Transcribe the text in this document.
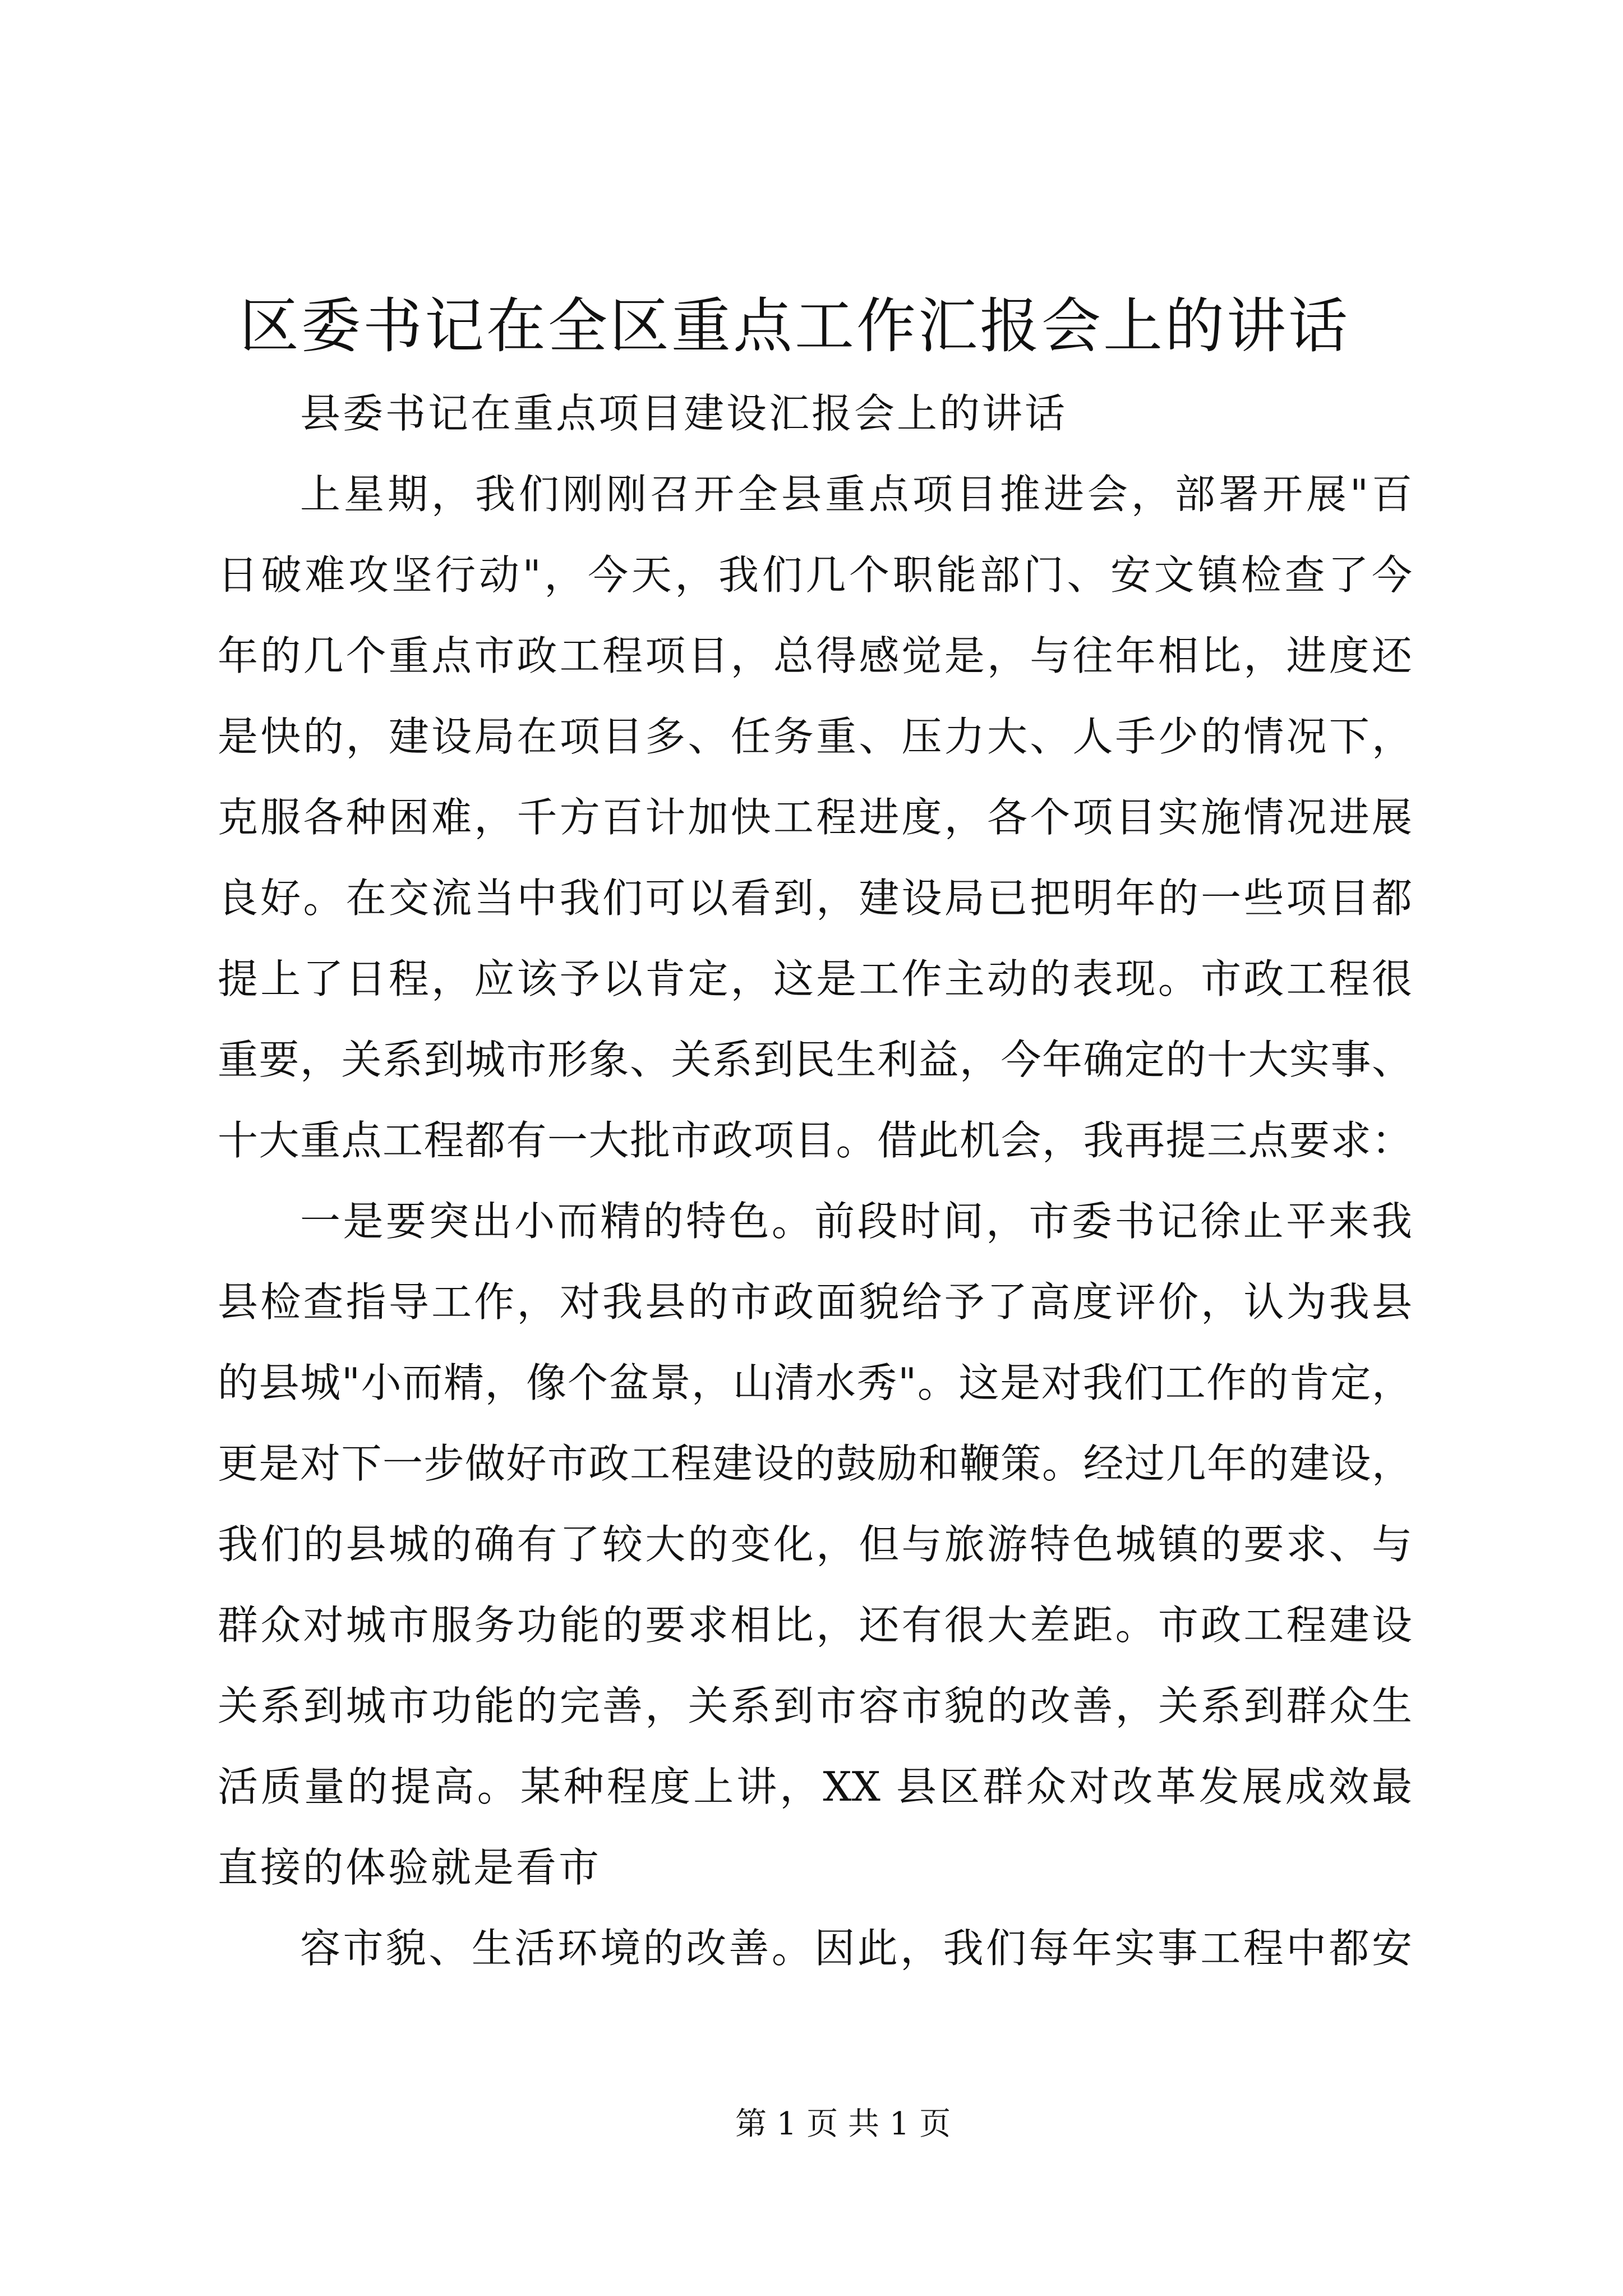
区委书记在全区重点工作汇报会上的讲话
县委书记在重点项目建设汇报会上的讲话
上星期，我们刚刚召开全县重点项目推进会，部署开展"百
日破难攻坚行动"，今天，我们几个职能部门、安文镇检查了今
年的几个重点市政工程项目，总得感觉是，与往年相比，进度还
是快的，建设局在项目多、任务重、压力大、人手少的情况下，
克服各种困难，千方百计加快工程进度，各个项目实施情况进展
良好。在交流当中我们可以看到，建设局已把明年的一些项目都
提上了日程，应该予以肯定，这是工作主动的表现。市政工程很
重要，关系到城市形象、关系到民生利益，今年确定的十大实事、
十大重点工程都有一大批市政项目。借此机会，我再提三点要求：
一是要突出小而精的特色。前段时间，市委书记徐止平来我
县检查指导工作，对我县的市政面貌给予了高度评价，认为我县
的县城"小而精，像个盆景，山清水秀"。这是对我们工作的肯定，
更是对下一步做好市政工程建设的鼓励和鞭策。经过几年的建设，
我们的县城的确有了较大的变化，但与旅游特色城镇的要求、与
群众对城市服务功能的要求相比，还有很大差距。市政工程建设
关系到城市功能的完善，关系到市容市貌的改善，关系到群众生
活质量的提高。某种程度上讲，XX 县区群众对改革发展成效最
直接的体验就是看市
容市貌、生活环境的改善。因此，我们每年实事工程中都安
第 1 页 共 1 页
